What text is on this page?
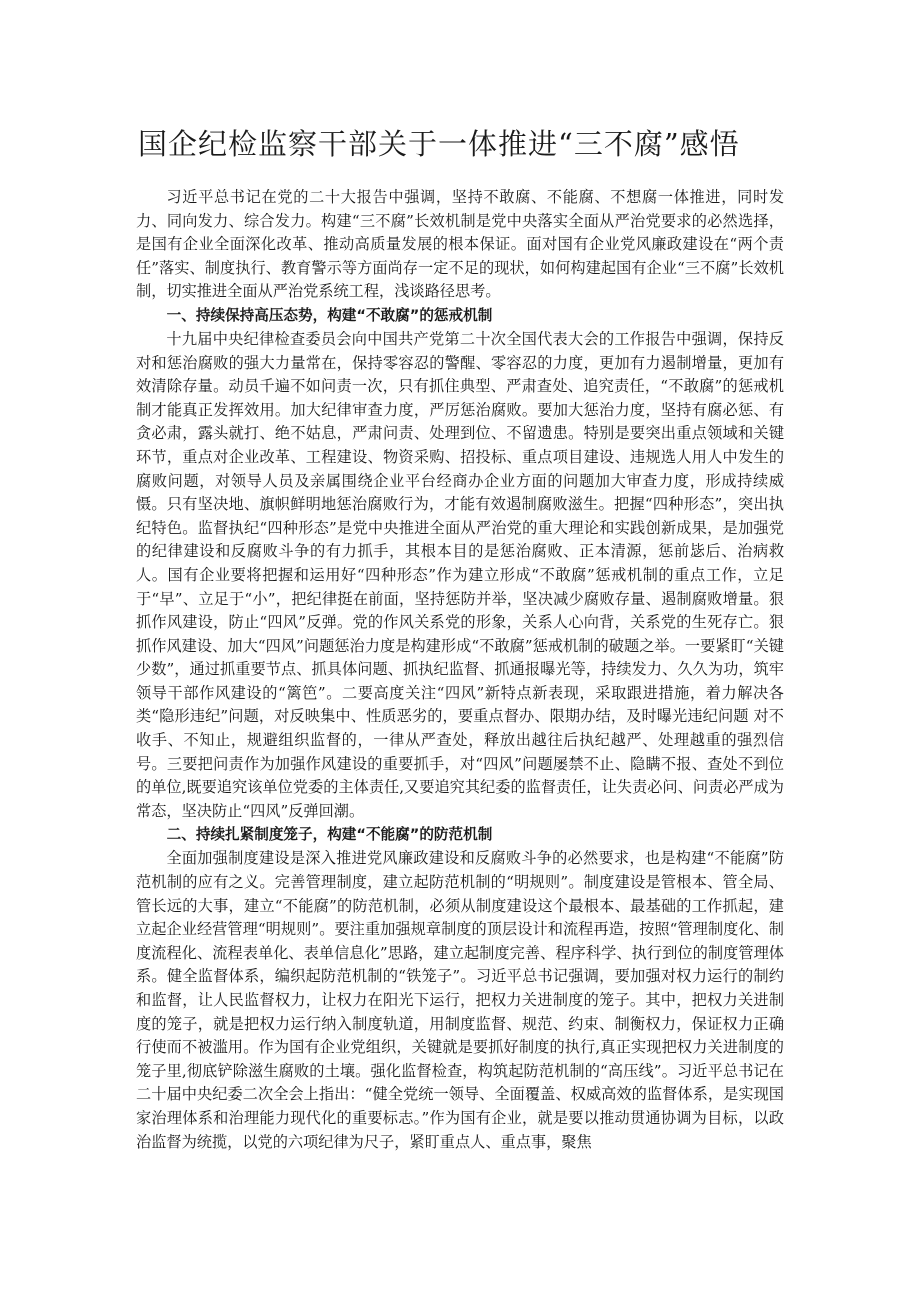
国企纪检监察干部关于一体推进“三不腐”感悟

习近平总书记在党的二十大报告中强调，坚持不敢腐、不能腐、不想腐一体推进，同时发力、同向发力、综合发力。构建“三不腐”长效机制是党中央落实全面从严治党要求的必然选择，是国有企业全面深化改革、推动高质量发展的根本保证。面对国有企业党风廉政建设在“两个责任”落实、制度执行、教育警示等方面尚存一定不足的现状，如何构建起国有企业“三不腐”长效机制，切实推进全面从严治党系统工程，浅谈路径思考。

一、持续保持高压态势，构建“不敢腐”的惩戒机制

十九届中央纪律检查委员会向中国共产党第二十次全国代表大会的工作报告中强调，保持反对和惩治腐败的强大力量常在，保持零容忍的警醒、零容忍的力度，更加有力遏制增量，更加有效清除存量。动员千遍不如问责一次，只有抓住典型、严肃查处、追究责任，“不敢腐”的惩戒机制才能真正发挥效用。加大纪律审查力度，严厉惩治腐败。要加大惩治力度，坚持有腐必惩、有贪必肃，露头就打、绝不姑息，严肃问责、处理到位、不留遗患。特别是要突出重点领域和关键环节，重点对企业改革、工程建设、物资采购、招投标、重点项目建设、违规选人用人中发生的腐败问题，对领导人员及亲属围绕企业平台经商办企业方面的问题加大审查力度，形成持续威慑。只有坚决地、旗帜鲜明地惩治腐败行为，才能有效遏制腐败滋生。把握“四种形态”，突出执纪特色。监督执纪“四种形态”是党中央推进全面从严治党的重大理论和实践创新成果，是加强党的纪律建设和反腐败斗争的有力抓手，其根本目的是惩治腐败、正本清源，惩前毖后、治病救人。国有企业要将把握和运用好“四种形态”作为建立形成“不敢腐”惩戒机制的重点工作，立足于“早”、立足于“小”，把纪律挺在前面，坚持惩防并举，坚决减少腐败存量、遏制腐败增量。狠抓作风建设，防止“四风”反弹。党的作风关系党的形象，关系人心向背，关系党的生死存亡。狠抓作风建设、加大“四风”问题惩治力度是构建形成“不敢腐”惩戒机制的破题之举。一要紧盯“关键少数”，通过抓重要节点、抓具体问题、抓执纪监督、抓通报曝光等，持续发力、久久为功，筑牢领导干部作风建设的“篱笆”。二要高度关注“四风”新特点新表现，采取跟进措施，着力解决各类“隐形违纪”问题，对反映集中、性质恶劣的，要重点督办、限期办结，及时曝光违纪问题 对不收手、不知止，规避组织监督的，一律从严查处，释放出越往后执纪越严、处理越重的强烈信号。三要把问责作为加强作风建设的重要抓手，对“四风”问题屡禁不止、隐瞒不报、查处不到位的单位,既要追究该单位党委的主体责任,又要追究其纪委的监督责任，让失责必问、问责必严成为常态，坚决防止“四风”反弹回潮。

二、持续扎紧制度笼子，构建“不能腐”的防范机制

全面加强制度建设是深入推进党风廉政建设和反腐败斗争的必然要求，也是构建“不能腐”防范机制的应有之义。完善管理制度，建立起防范机制的“明规则”。制度建设是管根本、管全局、管长远的大事，建立“不能腐”的防范机制，必须从制度建设这个最根本、最基础的工作抓起，建立起企业经营管理“明规则”。要注重加强规章制度的顶层设计和流程再造，按照“管理制度化、制度流程化、流程表单化、表单信息化”思路，建立起制度完善、程序科学、执行到位的制度管理体系。健全监督体系，编织起防范机制的“铁笼子”。习近平总书记强调，要加强对权力运行的制约和监督，让人民监督权力，让权力在阳光下运行，把权力关进制度的笼子。其中，把权力关进制度的笼子，就是把权力运行纳入制度轨道，用制度监督、规范、约束、制衡权力，保证权力正确行使而不被滥用。作为国有企业党组织，关键就是要抓好制度的执行,真正实现把权力关进制度的笼子里,彻底铲除滋生腐败的土壤。强化监督检查，构筑起防范机制的“高压线”。习近平总书记在二十届中央纪委二次全会上指出：“健全党统一领导、全面覆盖、权威高效的监督体系，是实现国家治理体系和治理能力现代化的重要标志。”作为国有企业，就是要以推动贯通协调为目标，以政治监督为统揽，以党的六项纪律为尺子，紧盯重点人、重点事，聚焦
